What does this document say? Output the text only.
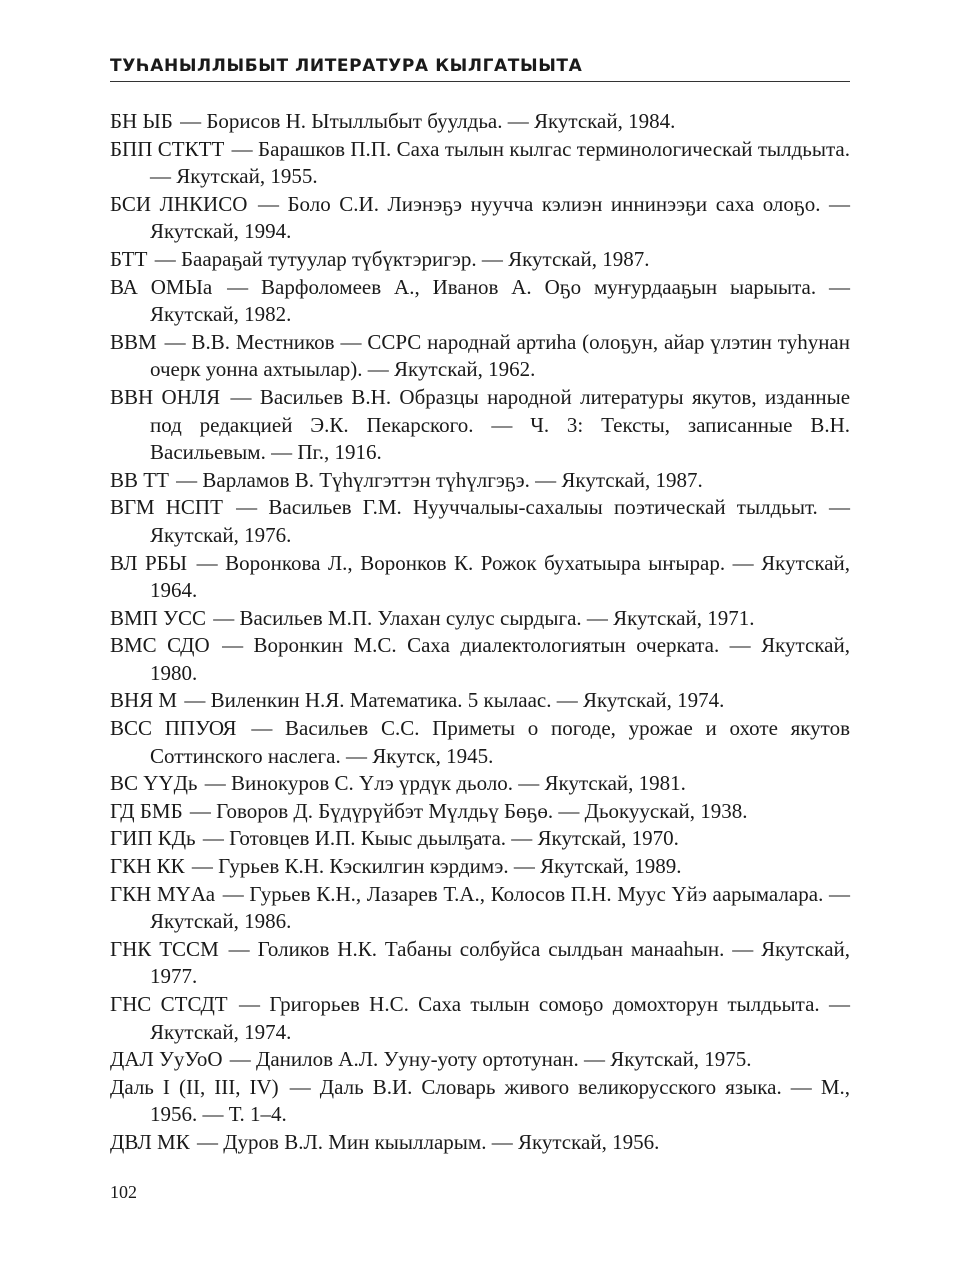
ТУҺАНЫЛЛЫБЫТ ЛИТЕРАТУРА КЫЛГАТЫЫТА

БН ЫБ — Борисов Н. Ытыллыбыт буулдьа. — Якутскай, 1984.

БПП СТКТТ — Барашков П.П. Саха тылын кылгас терминологическай тылдьыта. — Якутскай, 1955.

БСИ ЛНКИСО — Боло С.И. Лиэнэҕэ нуучча кэлиэн иннинээҕи саха олоҕо. — Якутскай, 1994.

БТТ — Баараҕай тутуулар түбүктэригэр. — Якутскай, 1987.

ВА ОМЫа — Варфоломеев А., Иванов А. Оҕо муҥурдааҕын ыарыыта. — Якутскай, 1982.

ВВМ — В.В. Местников — ССРС народнай артиһа (олоҕун, айар үлэтин туһунан очерк уонна ахтыылар). — Якутскай, 1962.

ВВН ОНЛЯ — Васильев В.Н. Образцы народной литературы якутов, изданные под редакцией Э.К. Пекарского. — Ч. 3: Тексты, записанные В.Н. Васильевым. — Пг., 1916.

ВВ ТТ — Варламов В. Түһүлгэттэн түһүлгэҕэ. — Якутскай, 1987.

ВГМ НСПТ — Васильев Г.М. Нууччалыы-сахалыы поэтическай тылдьыт. — Якутскай, 1976.

ВЛ РБЫ — Воронкова Л., Воронков К. Рожок бухатыыра ыҥырар. — Якутскай, 1964.

ВМП УСС — Васильев М.П. Улахан сулус сырдыга. — Якутскай, 1971.

ВМС СДО — Воронкин М.С. Саха диалектологиятын очерката. — Якутскай, 1980.

ВНЯ М — Виленкин Н.Я. Математика. 5 кылаас. — Якутскай, 1974.

ВСС ППУОЯ — Васильев С.С. Приметы о погоде, урожае и охоте якутов Соттинского наслега. — Якутск, 1945.

ВС ҮҮДь — Винокуров С. Үлэ үрдүк дьоло. — Якутскай, 1981.

ГД БМБ — Говоров Д. Бүдүрүйбэт Мүлдьү Бөҕө. — Дьокуускай, 1938.

ГИП КДь — Готовцев И.П. Кыыс дьылҕата. — Якутскай, 1970.

ГКН КК — Гурьев К.Н. Кэскилгин кэрдимэ. — Якутскай, 1989.

ГКН МҮАа — Гурьев К.Н., Лазарев Т.А., Колосов П.Н. Муус Үйэ аарымалара. — Якутскай, 1986.

ГНК ТССМ — Голиков Н.К. Табаны солбуйса сылдьан манааһын. — Якутскай, 1977.

ГНС СТСДТ — Григорьев Н.С. Саха тылын сомоҕо домохторун тылдьыта. — Якутскай, 1974.

ДАЛ УуУоО — Данилов А.Л. Ууну-уоту ортотунан. — Якутскай, 1975.

Даль I (II, III, IV) — Даль В.И. Словарь живого великорусского языка. — М., 1956. — Т. 1–4.

ДВЛ МК — Дуров В.Л. Мин кыылларым. — Якутскай, 1956.

102
